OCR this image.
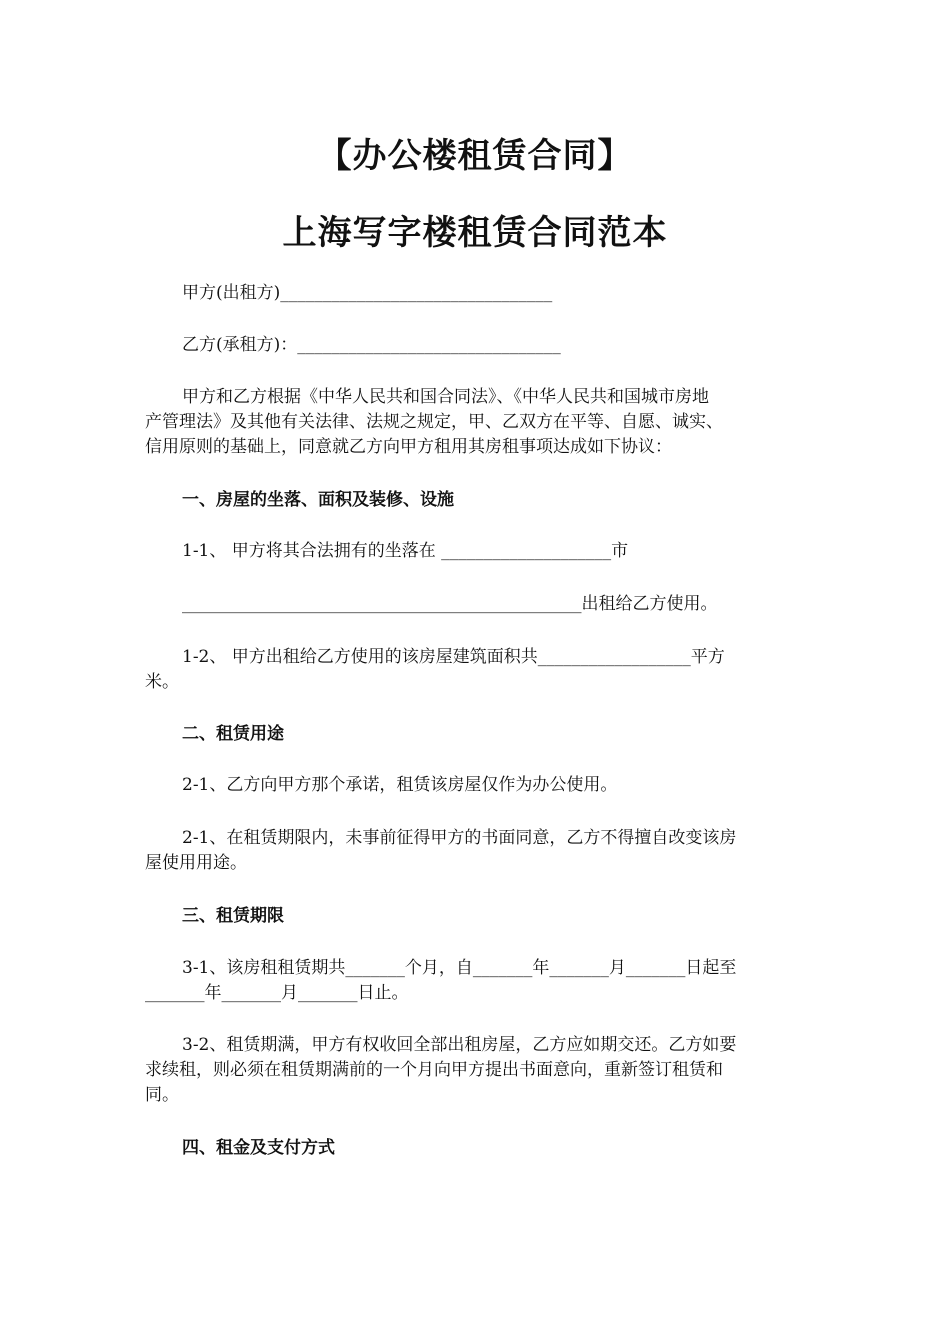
【办公楼租赁合同】
上海写字楼租赁合同范本

甲方(出租方)________________________________

乙方(承租方)：_______________________________

甲方和乙方根据《中华人民共和国合同法》、《中华人民共和国城市房地

产管理法》及其他有关法律、法规之规定，甲、乙双方在平等、自愿、诚实、

信用原则的基础上，同意就乙方向甲方租用其房租事项达成如下协议：

一、房屋的坐落、面积及装修、设施

1-1、 甲方将其合法拥有的坐落在 ____________________市

_______________________________________________出租给乙方使用。

1-2、 甲方出租给乙方使用的该房屋建筑面积共__________________平方

米。

二、租赁用途

2-1、乙方向甲方那个承诺，租赁该房屋仅作为办公使用。

2-1、在租赁期限内，未事前征得甲方的书面同意，乙方不得擅自改变该房

屋使用用途。

三、租赁期限

3-1、该房租租赁期共_______个月，自_______年_______月_______日起至

_______年_______月_______日止。

3-2、租赁期满，甲方有权收回全部出租房屋，乙方应如期交还。乙方如要

求续租，则必须在租赁期满前的一个月向甲方提出书面意向，重新签订租赁和

同。

四、租金及支付方式
